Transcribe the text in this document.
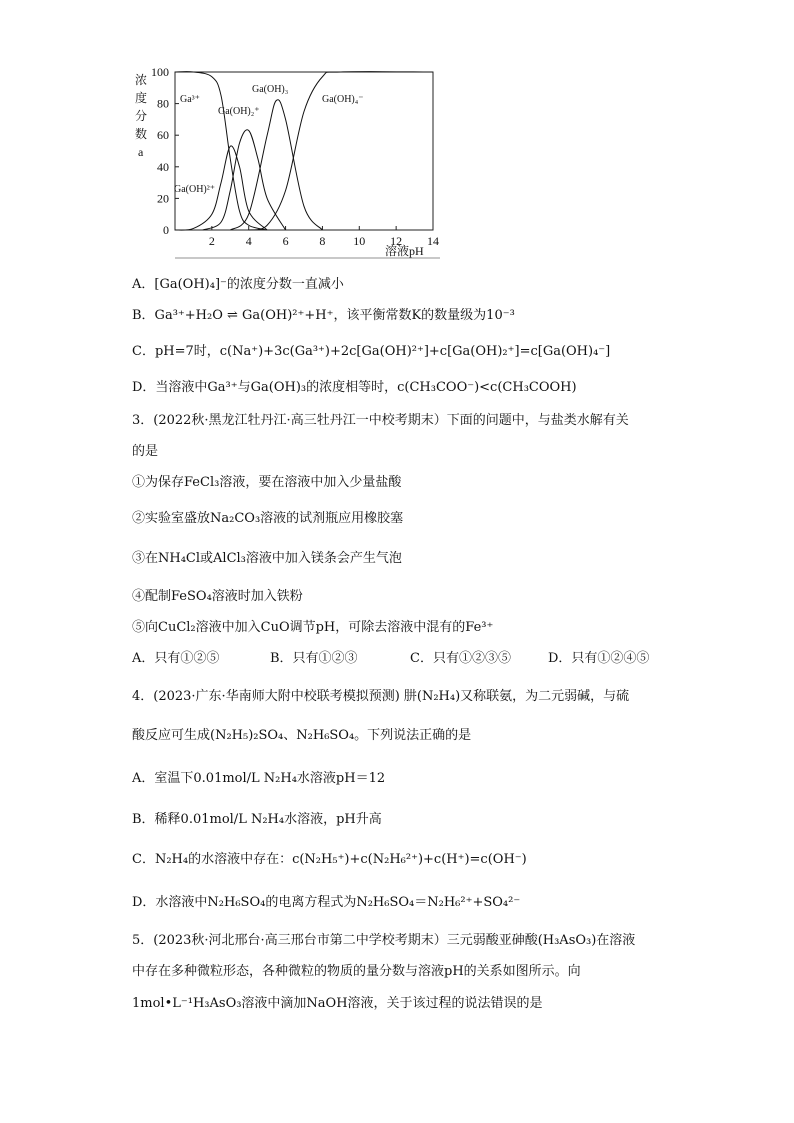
浓
度
分
数
a
100
80
60
40
20
0
2	4	6	8 10 12 14
Ga³⁺
Ga(OH)₂⁺
Ga(OH)₃
Ga(OH)₄⁻
Ga(OH)²⁺
溶液pH
A．[Ga(OH)₄]⁻的浓度分数一直减小
B．Ga³⁺+H₂O ⇌ Ga(OH)²⁺+H⁺，该平衡常数K的数量级为10⁻³
C．pH=7时，c(Na⁺)+3c(Ga³⁺)+2c[Ga(OH)²⁺]+c[Ga(OH)₂⁺]=c[Ga(OH)₄⁻]
D．当溶液中Ga³⁺与Ga(OH)₃的浓度相等时，c(CH₃COO⁻)<c(CH₃COOH)
3．(2022秋·黑龙江牡丹江·高三牡丹江一中校考期末）下面的问题中，与盐类水解有关
的是
①为保存FeCl₃溶液，要在溶液中加入少量盐酸
②实验室盛放Na₂CO₃溶液的试剂瓶应用橡胶塞
③在NH₄Cl或AlCl₃溶液中加入镁条会产生气泡
④配制FeSO₄溶液时加入铁粉
⑤向CuCl₂溶液中加入CuO调节pH，可除去溶液中混有的Fe³⁺
A．只有①②⑤	B．只有①②③	C．只有①②③⑤	D．只有①②④⑤
4．(2023·广东·华南师大附中校联考模拟预测) 肼(N₂H₄)又称联氨，为二元弱碱，与硫
酸反应可生成(N₂H₅)₂SO₄、N₂H₆SO₄。下列说法正确的是
A．室温下0.01mol/L N₂H₄水溶液pH＝12
B．稀释0.01mol/L N₂H₄水溶液，pH升高
C．N₂H₄的水溶液中存在：c(N₂H₅⁺)+c(N₂H₆²⁺)+c(H⁺)=c(OH⁻)
D．水溶液中N₂H₆SO₄的电离方程式为N₂H₆SO₄＝N₂H₆²⁺+SO₄²⁻
5．(2023秋·河北邢台·高三邢台市第二中学校考期末）三元弱酸亚砷酸(H₃AsO₃)在溶液
中存在多种微粒形态，各种微粒的物质的量分数与溶液pH的关系如图所示。向
1mol•L⁻¹H₃AsO₃溶液中滴加NaOH溶液，关于该过程的说法错误的是
